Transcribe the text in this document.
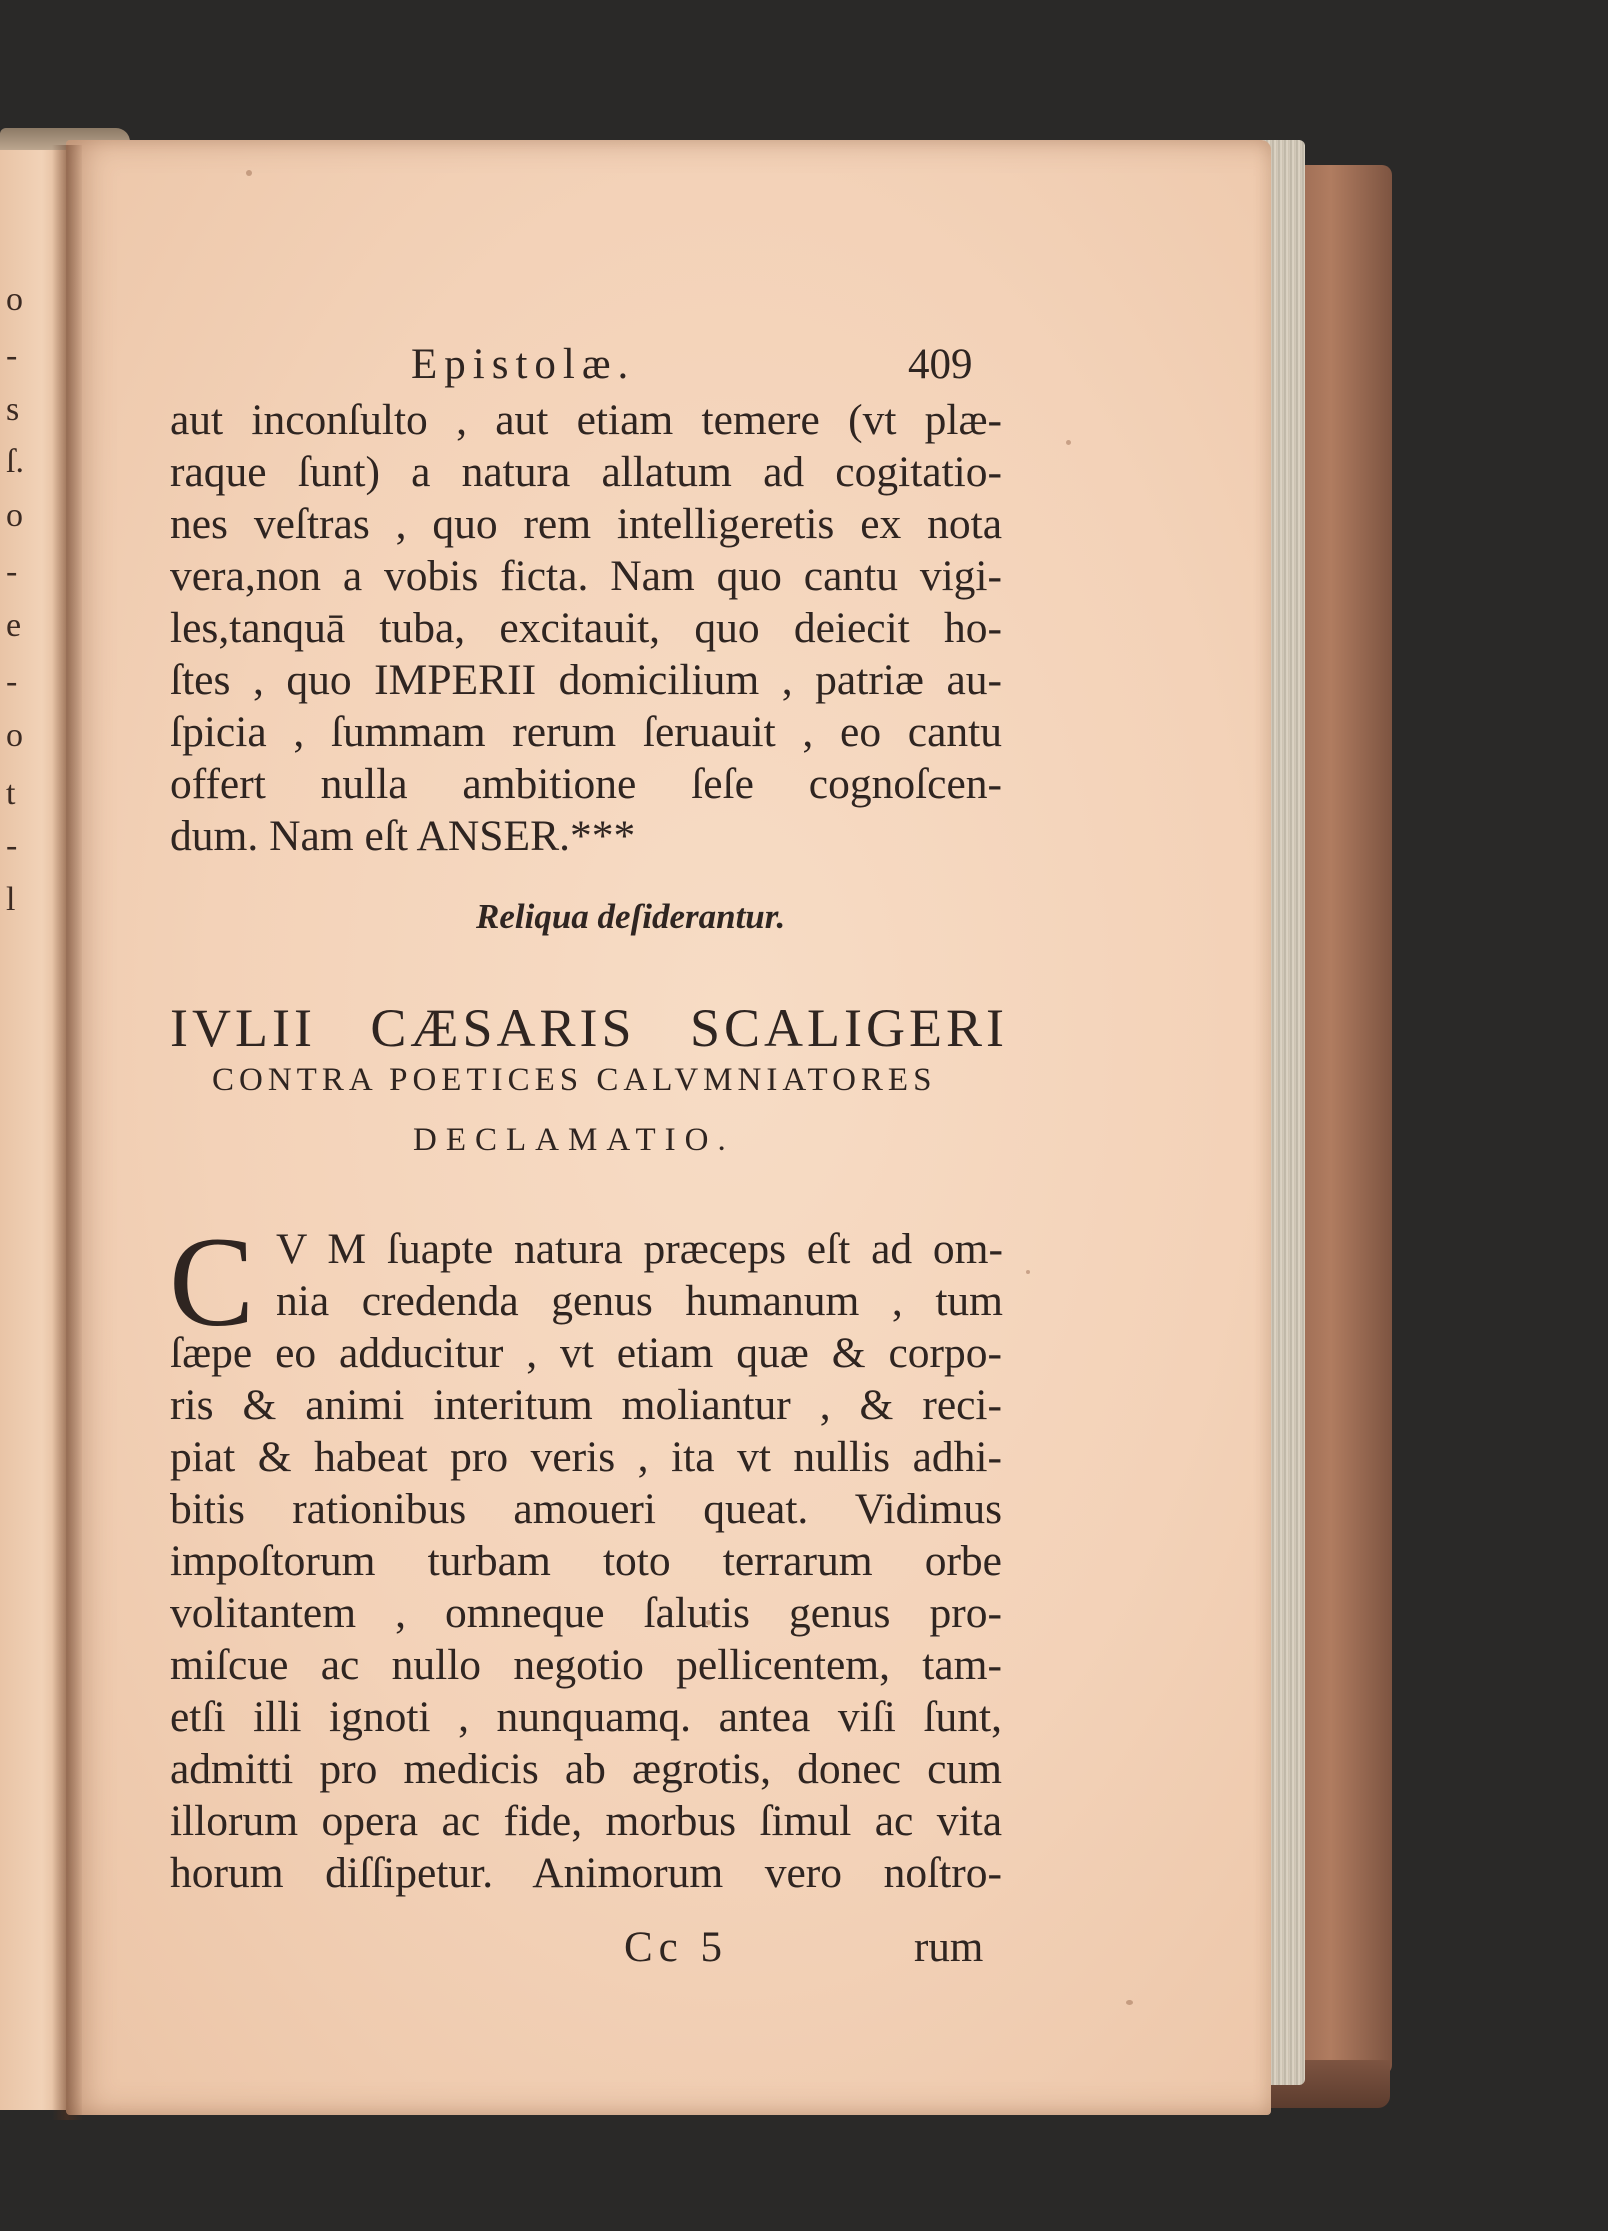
o
-
s
ſ.
o
-
e
-
o
t
-
l
Epistolæ.	409

aut inconſulto , aut etiam temere (vt plæ-

raque ſunt) a natura allatum ad cogitatio-

nes veſtras , quo rem intelligeretis ex nota

vera,non a vobis ficta. Nam quo cantu vigi-

les,tanquā tuba, excitauit, quo deiecit ho-

ſtes , quo IMPERII domicilium , patriæ au-

ſpicia , ſummam rerum ſeruauit , eo cantu

offert nulla ambitione ſeſe cognoſcen-

dum. Nam eſt ANSER.***

Reliqua deſiderantur.
IVLII CÆSARIS SCALIGERI
CONTRA POETICES CALVMNIATORES
DECLAMATIO.
C V M ſuapte natura præceps eſt ad om-

nia credenda genus humanum , tum

ſæpe eo adducitur , vt etiam quæ & corpo-

ris & animi interitum moliantur , & reci-

piat & habeat pro veris , ita vt nullis adhi-

bitis rationibus amoueri queat. Vidimus

impoſtorum turbam toto terrarum orbe

volitantem , omneque ſalutis genus pro-

miſcue ac nullo negotio pellicentem, tam-

etſi illi ignoti , nunquamq. antea viſi ſunt,

admitti pro medicis ab ægrotis, donec cum

illorum opera ac fide, morbus ſimul ac vita

horum diſſipetur. Animorum vero noſtro-

Cc 5	rum
